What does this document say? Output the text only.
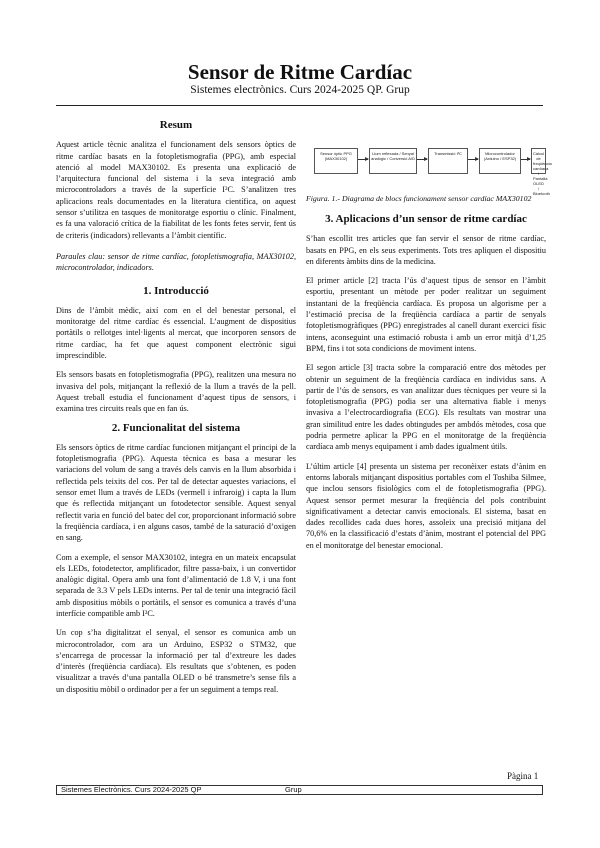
Sensor de Ritme Cardíac
Sistemes electrònics. Curs 2024-2025 QP. Grup
Resum

Aquest article tècnic analitza el funcionament dels sensors òptics de ritme cardíac basats en la fotopletismografia (PPG), amb especial atenció al model MAX30102. Es presenta una explicació de l’arquitectura funcional del sistema i la seva integració amb microcontroladors a través de la superfície I²C. S’analitzen tres aplicacions reals documentades en la literatura científica, on aquest sensor s’utilitza en tasques de monitoratge esportiu o clínic. Finalment, es fa una valoració crítica de la fiabilitat de les fonts fetes servir, fent ús de criteris (indicadors) rellevants a l’àmbit científic.

Paraules clau: sensor de ritme cardíac, fotopletismografia, MAX30102, microcontrolador, indicadors.

1. Introducció

Dins de l’àmbit mèdic, així com en el del benestar personal, el monitoratge del ritme cardíac és essencial. L’augment de dispositius portàtils o rellotges intel·ligents al mercat, que incorporen sensors de ritme cardíac, ha fet que aquest component electrònic sigui imprescindible.

Els sensors basats en fotopletismografia (PPG), realitzen una mesura no invasiva del pols, mitjançant la reflexió de la llum a través de la pell. Aquest treball estudia el funcionament d’aquest tipus de sensors, i examina tres circuits reals que en fan ús.

2. Funcionalitat del sistema

Els sensors òptics de ritme cardíac funcionen mitjançant el principi de la fotopletismografia (PPG). Aquesta tècnica es basa a mesurar les variacions del volum de sang a través dels canvis en la llum absorbida i reflectida pels teixits del cos. Per tal de detectar aquestes variacions, el sensor emet llum a través de LEDs (vermell i infraroig) i capta la llum que és reflectida mitjançant un fotodetector sensible. Aquest senyal reflectit varia en funció del batec del cor, proporcionant informació sobre la freqüència cardíaca, i en alguns casos, també de la saturació d’oxigen en sang.

Com a exemple, el sensor MAX30102, integra en un mateix encapsulat els LEDs, fotodetector, amplificador, filtre passa-baix, i un convertidor analògic digital. Opera amb una font d’alimentació de 1.8 V, i una font separada de 3.3 V pels LEDs interns. Per tal de tenir una integració fàcil amb dispositius mòbils o portàtils, el sensor es comunica a través d’una interfície compatible amb I²C.

Un cop s’ha digitalitzat el senyal, el sensor es comunica amb un microcontrolador, com ara un Arduino, ESP32 o STM32, que s’encarrega de processar la informació per tal d’extreure les dades d’interès (freqüència cardíaca). Els resultats que s’obtenen, es poden visualitzar a través d’una pantalla OLED o bé transmetre’s sense fils a un dispositiu mòbil o ordinador per a fer un seguiment a temps real.

Sensor òptic PPG (MAX30102)
Llum reflexada / Senyal analògic / Conversió A/D
Transmissió I²C	Microcontrolador (Arduino / ESP32)
Càlcul de freqüència cardíaca / Pantalla OLED / Bluetooth

Figura. 1.- Diagrama de blocs funcionament sensor cardíac MAX30102

3. Aplicacions d’un sensor de ritme cardíac

S’han escollit tres articles que fan servir el sensor de ritme cardíac, basats en PPG, en els seus experiments. Tots tres apliquen el dispositiu en diferents àmbits dins de la medicina.

El primer article [2] tracta l’ús d’aquest tipus de sensor en l’àmbit esportiu, presentant un mètode per poder realitzar un seguiment instantani de la freqüència cardíaca. Es proposa un algorisme per a l’estimació precisa de la freqüència cardíaca a partir de senyals fotopletismogràfiques (PPG) enregistrades al canell durant exercici físic intens, aconseguint una estimació robusta i amb un error mitjà d’1,25 BPM, fins i tot sota condicions de moviment intens.

El segon article [3] tracta sobre la comparació entre dos mètodes per obtenir un seguiment de la freqüència cardíaca en individus sans. A partir de l’ús de sensors, es van analitzar dues tècniques per veure si la fotopletismografia (PPG) podia ser una alternativa fiable i menys invasiva a l’electrocardiografia (ECG). Els resultats van mostrar una gran similitud entre les dades obtingudes per ambdós mètodes, cosa que podria permetre aplicar la PPG en el monitoratge de la freqüència cardíaca amb menys equipament i amb dades igualment útils.

L’últim article [4] presenta un sistema per reconèixer estats d’ànim en entorns laborals mitjançant dispositius portables com el Toshiba Silmee, que inclou sensors fisiològics com el de fotopletismografia (PPG). Aquest sensor permet mesurar la freqüència del pols contribuint significativament a detectar canvis emocionals. El sistema, basat en dades recollides cada dues hores, assoleix una precisió mitjana del 70,6% en la classificació d’estats d’ànim, mostrant el potencial del PPG en el monitoratge del benestar emocional.

Pàgina 1
Sistemes Electrònics. Curs 2024-2025 QP	Grup
